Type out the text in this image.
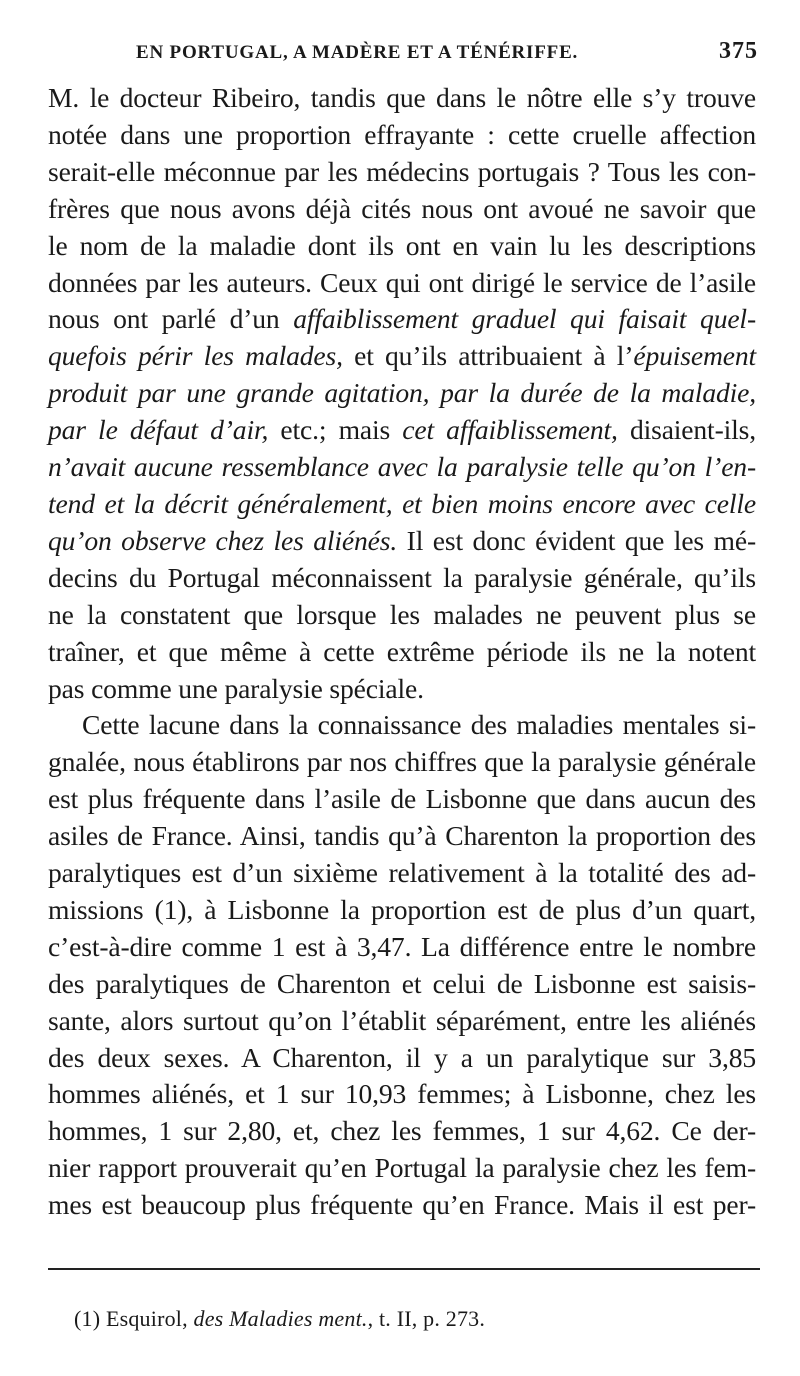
EN PORTUGAL, A MADÈRE ET A TÉNÉRIFFE.	375
M. le docteur Ribeiro, tandis que dans le nôtre elle s’y trouve
notée dans une proportion effrayante : cette cruelle affection
serait-elle méconnue par les médecins portugais ? Tous les con-
frères que nous avons déjà cités nous ont avoué ne savoir que
le nom de la maladie dont ils ont en vain lu les descriptions
données par les auteurs. Ceux qui ont dirigé le service de l’asile
nous ont parlé d’un affaiblissement graduel qui faisait quel-
quefois périr les malades, et qu’ils attribuaient à l’épuisement
produit par une grande agitation, par la durée de la maladie,
par le défaut d’air, etc.; mais cet affaiblissement, disaient-ils,
n’avait aucune ressemblance avec la paralysie telle qu’on l’en-
tend et la décrit généralement, et bien moins encore avec celle
qu’on observe chez les aliénés. Il est donc évident que les mé-
decins du Portugal méconnaissent la paralysie générale, qu’ils
ne la constatent que lorsque les malades ne peuvent plus se
traîner, et que même à cette extrême période ils ne la notent
pas comme une paralysie spéciale.
Cette lacune dans la connaissance des maladies mentales si-
gnalée, nous établirons par nos chiffres que la paralysie générale
est plus fréquente dans l’asile de Lisbonne que dans aucun des
asiles de France. Ainsi, tandis qu’à Charenton la proportion des
paralytiques est d’un sixième relativement à la totalité des ad-
missions (1), à Lisbonne la proportion est de plus d’un quart,
c’est-à-dire comme 1 est à 3,47. La différence entre le nombre
des paralytiques de Charenton et celui de Lisbonne est saisis-
sante, alors surtout qu’on l’établit séparément, entre les aliénés
des deux sexes. A Charenton, il y a un paralytique sur 3,85
hommes aliénés, et 1 sur 10,93 femmes; à Lisbonne, chez les
hommes, 1 sur 2,80, et, chez les femmes, 1 sur 4,62. Ce der-
nier rapport prouverait qu’en Portugal la paralysie chez les fem-
mes est beaucoup plus fréquente qu’en France. Mais il est per-
(1) Esquirol, des Maladies ment., t. II, p. 273.
